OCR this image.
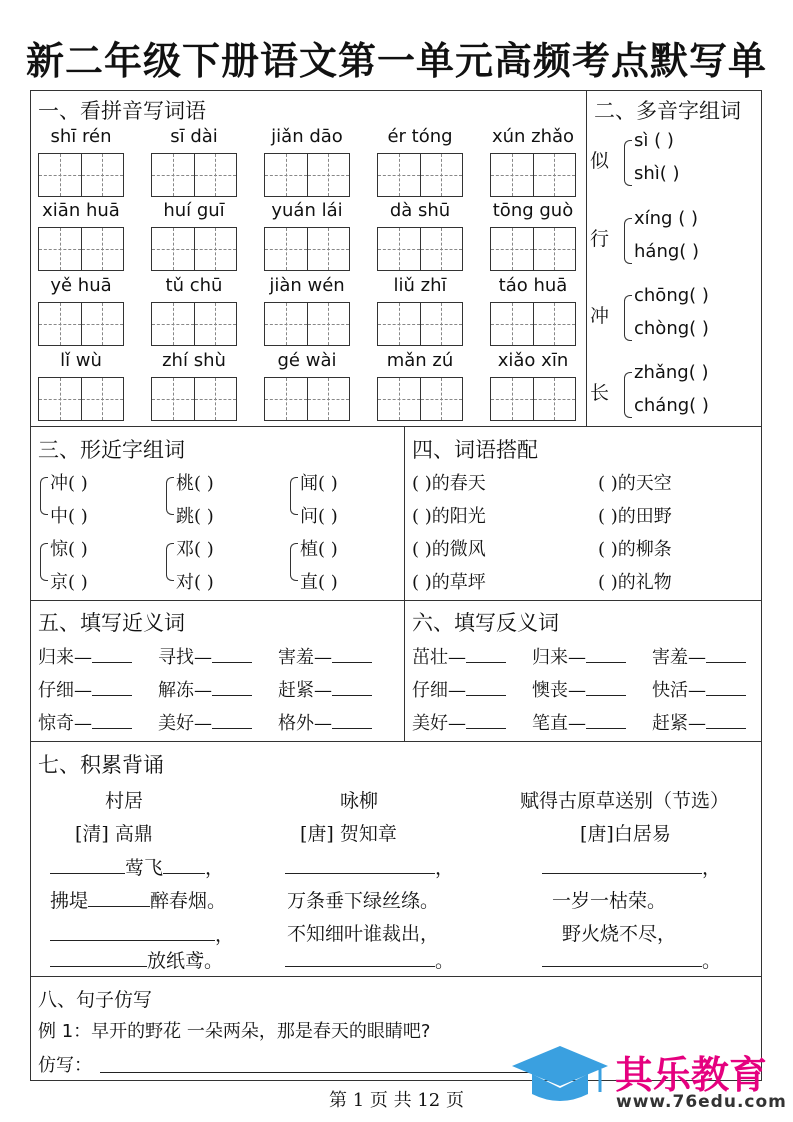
新二年级下册语文第一单元高频考点默写单
一、看拼音写词语
shī rén	sī dài	jiǎn dāo	ér tóng	xún zhǎo
xiān huā	huí guī	yuán lái	dà shū	tōng guò
yě huā	tǔ chū	jiàn wén	liǔ zhī	táo huā
lǐ wù	zhí shù	gé wài	mǎn zú	xiǎo xīn
二、多音字组词
似
sì ( )
shì( )
行
xíng ( )
háng( )
冲
chōng( )
chòng( )
长
zhǎng( )
cháng( )
三、形近字组词
冲( )
中( )
桃( )
跳( )
闻( )
问( )
惊( )
京( )
邓( )
对( )
植( )
直( )
四、词语搭配
( )的春天	( )的天空
( )的阳光	( )的田野
( )的微风	( )的柳条
( )的草坪	( )的礼物
五、填写近义词
归来—	寻找—	害羞—
仔细—	解冻—	赶紧—
惊奇—	美好—	格外—
六、填写反义词
茁壮—	归来—	害羞—
仔细—	懊丧—	快活—
美好—	笔直—	赶紧—
七、积累背诵
村居
[清] 高鼎
莺飞 ，
拂堤	醉春烟。
，
放纸鸢。
咏柳
[唐] 贺知章
，
万条垂下绿丝绦。
不知细叶谁裁出，
。
赋得古原草送别（节选）
[唐]白居易
，
一岁一枯荣。
野火烧不尽，
。
八、句子仿写
例 1：早开的野花 一朵两朵，那是春天的眼睛吧?
仿写：
第 1 页 共 12 页
其乐教育
www.76edu.com
